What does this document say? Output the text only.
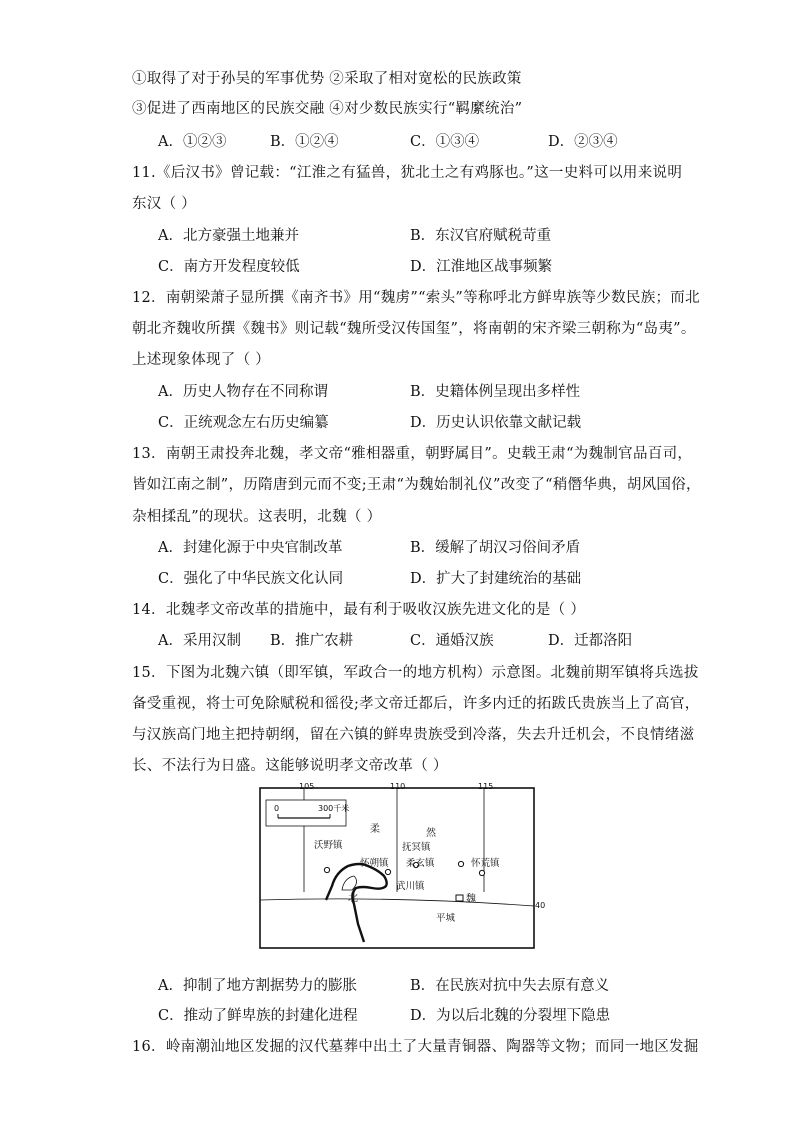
①取得了对于孙吴的军事优势 ②采取了相对宽松的民族政策
③促进了西南地区的民族交融 ④对少数民族实行“羁縻统治”
A．①②③	B．①②④	C．①③④	D．②③④
11.《后汉书》曾记载：“江淮之有猛兽，犹北土之有鸡豚也。”这一史料可以用来说明
东汉（ ）
A．北方豪强土地兼并	B．东汉官府赋税苛重
C．南方开发程度较低	D．江淮地区战事频繁
12．南朝梁萧子显所撰《南齐书》用“魏虏”“索头”等称呼北方鲜卑族等少数民族；而北
朝北齐魏收所撰《魏书》则记载“魏所受汉传国玺”，将南朝的宋齐梁三朝称为“岛夷”。
上述现象体现了（ ）
A．历史人物存在不同称谓	B．史籍体例呈现出多样性
C．正统观念左右历史编纂	D．历史认识依靠文献记载
13．南朝王肃投奔北魏，孝文帝“雅相器重，朝野属目”。史载王肃“为魏制官品百司，
皆如江南之制”，历隋唐到元而不变;王肃“为魏始制礼仪”改变了“稍僭华典，胡风国俗，
杂相揉乱”的现状。这表明，北魏（ ）
A．封建化源于中央官制改革	B．缓解了胡汉习俗间矛盾
C．强化了中华民族文化认同	D．扩大了封建统治的基础
14．北魏孝文帝改革的措施中，最有利于吸收汉族先进文化的是（ ）
A．采用汉制 B．推广农耕	C．通婚汉族	D．迁都洛阳
15．下图为北魏六镇（即军镇，军政合一的地方机构）示意图。北魏前期军镇将兵选拔
备受重视，将士可免除赋税和徭役;孝文帝迁都后，许多内迁的拓跋氏贵族当上了高官，
与汉族高门地主把持朝纲，留在六镇的鲜卑贵族受到冷落，失去升迁机会，不良情绪滋
长、不法行为日盛。这能够说明孝文帝改革（ ）
105	110	115
40
0	300千米
柔	然
沃野镇	抚冥镇
怀朔镇 柔玄镇	怀荒镇
武川镇
北	魏
平城
A．抑制了地方割据势力的膨胀	B．在民族对抗中失去原有意义
C．推动了鲜卑族的封建化进程	D．为以后北魏的分裂埋下隐患
16．岭南潮汕地区发掘的汉代墓葬中出土了大量青铜器、陶器等文物；而同一地区发掘
